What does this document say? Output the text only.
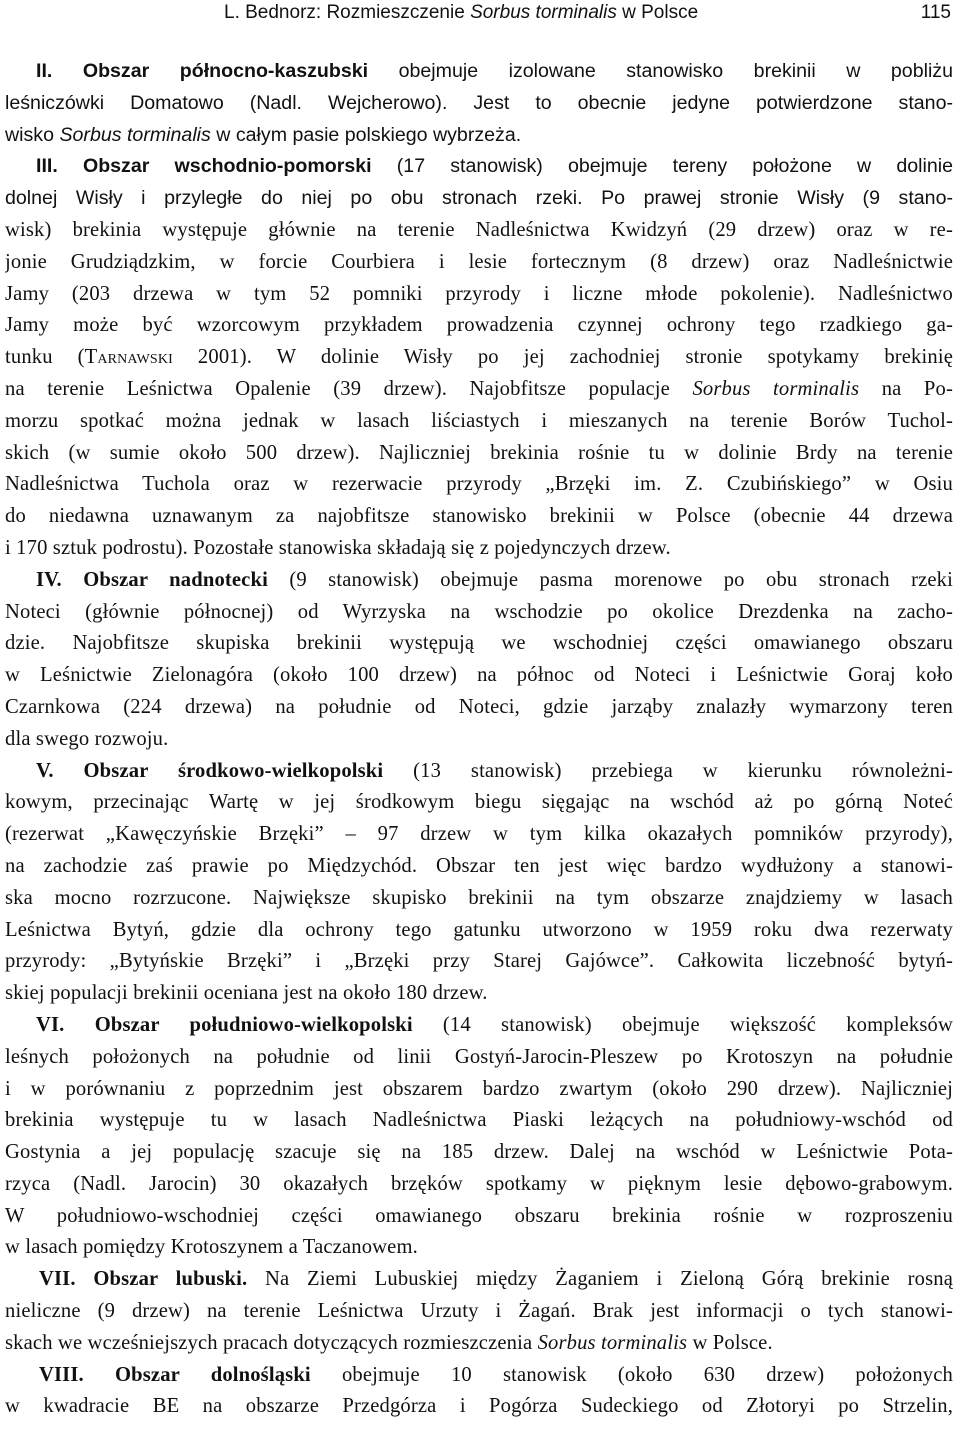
L. Bednorz: Rozmieszczenie Sorbus torminalis w Polsce	115
II. Obszar północno-kaszubski obejmuje izolowane stanowisko brekinii w pobliżu
leśniczówki Domatowo (Nadl. Wejcherowo). Jest to obecnie jedyne potwierdzone stano-
wisko Sorbus torminalis w całym pasie polskiego wybrzeża.
III. Obszar wschodnio-pomorski (17 stanowisk) obejmuje tereny położone w dolinie
dolnej Wisły i przyległe do niej po obu stronach rzeki. Po prawej stronie Wisły (9 stano-
wisk) brekinia występuje głównie na terenie Nadleśnictwa Kwidzyń (29 drzew) oraz w re-
jonie Grudziądzkim, w forcie Courbiera i lesie fortecznym (8 drzew) oraz Nadleśnictwie
Jamy (203 drzewa w tym 52 pomniki przyrody i liczne młode pokolenie). Nadleśnictwo
Jamy może być wzorcowym przykładem prowadzenia czynnej ochrony tego rzadkiego ga-
tunku (Tarnawski 2001). W dolinie Wisły po jej zachodniej stronie spotykamy brekinię
na terenie Leśnictwa Opalenie (39 drzew). Najobfitsze populacje Sorbus torminalis na Po-
morzu spotkać można jednak w lasach liściastych i mieszanych na terenie Borów Tuchol-
skich (w sumie około 500 drzew). Najliczniej brekinia rośnie tu w dolinie Brdy na terenie
Nadleśnictwa Tuchola oraz w rezerwacie przyrody „Brzęki im. Z. Czubińskiego” w Osiu
do niedawna uznawanym za najobfitsze stanowisko brekinii w Polsce (obecnie 44 drzewa
i 170 sztuk podrostu). Pozostałe stanowiska składają się z pojedynczych drzew.
IV. Obszar nadnotecki (9 stanowisk) obejmuje pasma morenowe po obu stronach rzeki
Noteci (głównie północnej) od Wyrzyska na wschodzie po okolice Drezdenka na zacho-
dzie. Najobfitsze skupiska brekinii występują we wschodniej części omawianego obszaru
w Leśnictwie Zielonagóra (około 100 drzew) na północ od Noteci i Leśnictwie Goraj koło
Czarnkowa (224 drzewa) na południe od Noteci, gdzie jarząby znalazły wymarzony teren
dla swego rozwoju.
V. Obszar środkowo-wielkopolski (13 stanowisk) przebiega w kierunku równoleżni-
kowym, przecinając Wartę w jej środkowym biegu sięgając na wschód aż po górną Noteć
(rezerwat „Kawęczyńskie Brzęki” – 97 drzew w tym kilka okazałych pomników przyrody),
na zachodzie zaś prawie po Międzychód. Obszar ten jest więc bardzo wydłużony a stanowi-
ska mocno rozrzucone. Największe skupisko brekinii na tym obszarze znajdziemy w lasach
Leśnictwa Bytyń, gdzie dla ochrony tego gatunku utworzono w 1959 roku dwa rezerwaty
przyrody: „Bytyńskie Brzęki” i „Brzęki przy Starej Gajówce”. Całkowita liczebność bytyń-
skiej populacji brekinii oceniana jest na około 180 drzew.
VI. Obszar południowo-wielkopolski (14 stanowisk) obejmuje większość kompleksów
leśnych położonych na południe od linii Gostyń-Jarocin-Pleszew po Krotoszyn na południe
i w porównaniu z poprzednim jest obszarem bardzo zwartym (około 290 drzew). Najliczniej
brekinia występuje tu w lasach Nadleśnictwa Piaski leżących na południowy-wschód od
Gostynia a jej populację szacuje się na 185 drzew. Dalej na wschód w Leśnictwie Pota-
rzyca (Nadl. Jarocin) 30 okazałych brzęków spotkamy w pięknym lesie dębowo-grabowym.
W południowo-wschodniej części omawianego obszaru brekinia rośnie w rozproszeniu
w lasach pomiędzy Krotoszynem a Taczanowem.
VII. Obszar lubuski. Na Ziemi Lubuskiej między Żaganiem i Zieloną Górą brekinie rosną
nieliczne (9 drzew) na terenie Leśnictwa Urzuty i Żagań. Brak jest informacji o tych stanowi-
skach we wcześniejszych pracach dotyczących rozmieszczenia Sorbus torminalis w Polsce.
VIII. Obszar dolnośląski obejmuje 10 stanowisk (około 630 drzew) położonych
w kwadracie BE na obszarze Przedgórza i Pogórza Sudeckiego od Złotoryi po Strzelin,
